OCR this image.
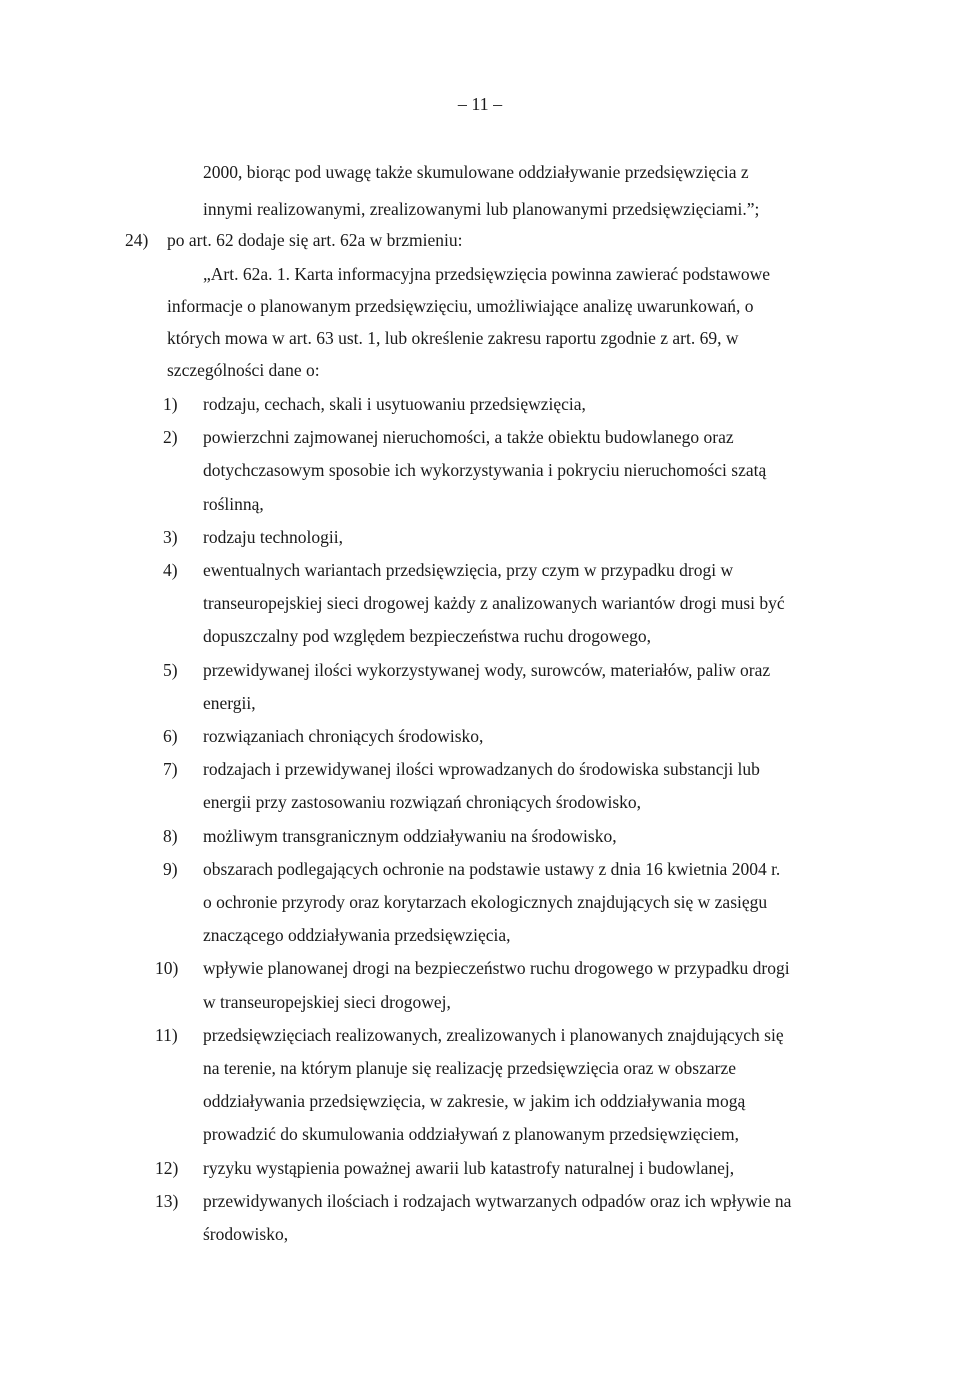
– 11 –
2000, biorąc pod uwagę także skumulowane oddziaływanie przedsięwzięcia z
innymi realizowanymi, zrealizowanymi lub planowanymi przedsięwzięciami.”;
24) po art. 62 dodaje się art. 62a w brzmieniu:
„Art. 62a. 1. Karta informacyjna przedsięwzięcia powinna zawierać podstawowe
informacje o planowanym przedsięwzięciu, umożliwiające analizę uwarunkowań, o
których mowa w art. 63 ust. 1, lub określenie zakresu raportu zgodnie z art. 69, w
szczególności dane o:
1) rodzaju, cechach, skali i usytuowaniu przedsięwzięcia,
2) powierzchni zajmowanej nieruchomości, a także obiektu budowlanego oraz
dotychczasowym sposobie ich wykorzystywania i pokryciu nieruchomości szatą
roślinną,
3) rodzaju technologii,
4) ewentualnych wariantach przedsięwzięcia, przy czym w przypadku drogi w
transeuropejskiej sieci drogowej każdy z analizowanych wariantów drogi musi być
dopuszczalny pod względem bezpieczeństwa ruchu drogowego,
5) przewidywanej ilości wykorzystywanej wody, surowców, materiałów, paliw oraz
energii,
6) rozwiązaniach chroniących środowisko,
7) rodzajach i przewidywanej ilości wprowadzanych do środowiska substancji lub
energii przy zastosowaniu rozwiązań chroniących środowisko,
8) możliwym transgranicznym oddziaływaniu na środowisko,
9) obszarach podlegających ochronie na podstawie ustawy z dnia 16 kwietnia 2004 r.
o ochronie przyrody oraz korytarzach ekologicznych znajdujących się w zasięgu
znaczącego oddziaływania przedsięwzięcia,
10) wpływie planowanej drogi na bezpieczeństwo ruchu drogowego w przypadku drogi
w transeuropejskiej sieci drogowej,
11) przedsięwzięciach realizowanych, zrealizowanych i planowanych znajdujących się
na terenie, na którym planuje się realizację przedsięwzięcia oraz w obszarze
oddziaływania przedsięwzięcia, w zakresie, w jakim ich oddziaływania mogą
prowadzić do skumulowania oddziaływań z planowanym przedsięwzięciem,
12) ryzyku wystąpienia poważnej awarii lub katastrofy naturalnej i budowlanej,
13) przewidywanych ilościach i rodzajach wytwarzanych odpadów oraz ich wpływie na
środowisko,
